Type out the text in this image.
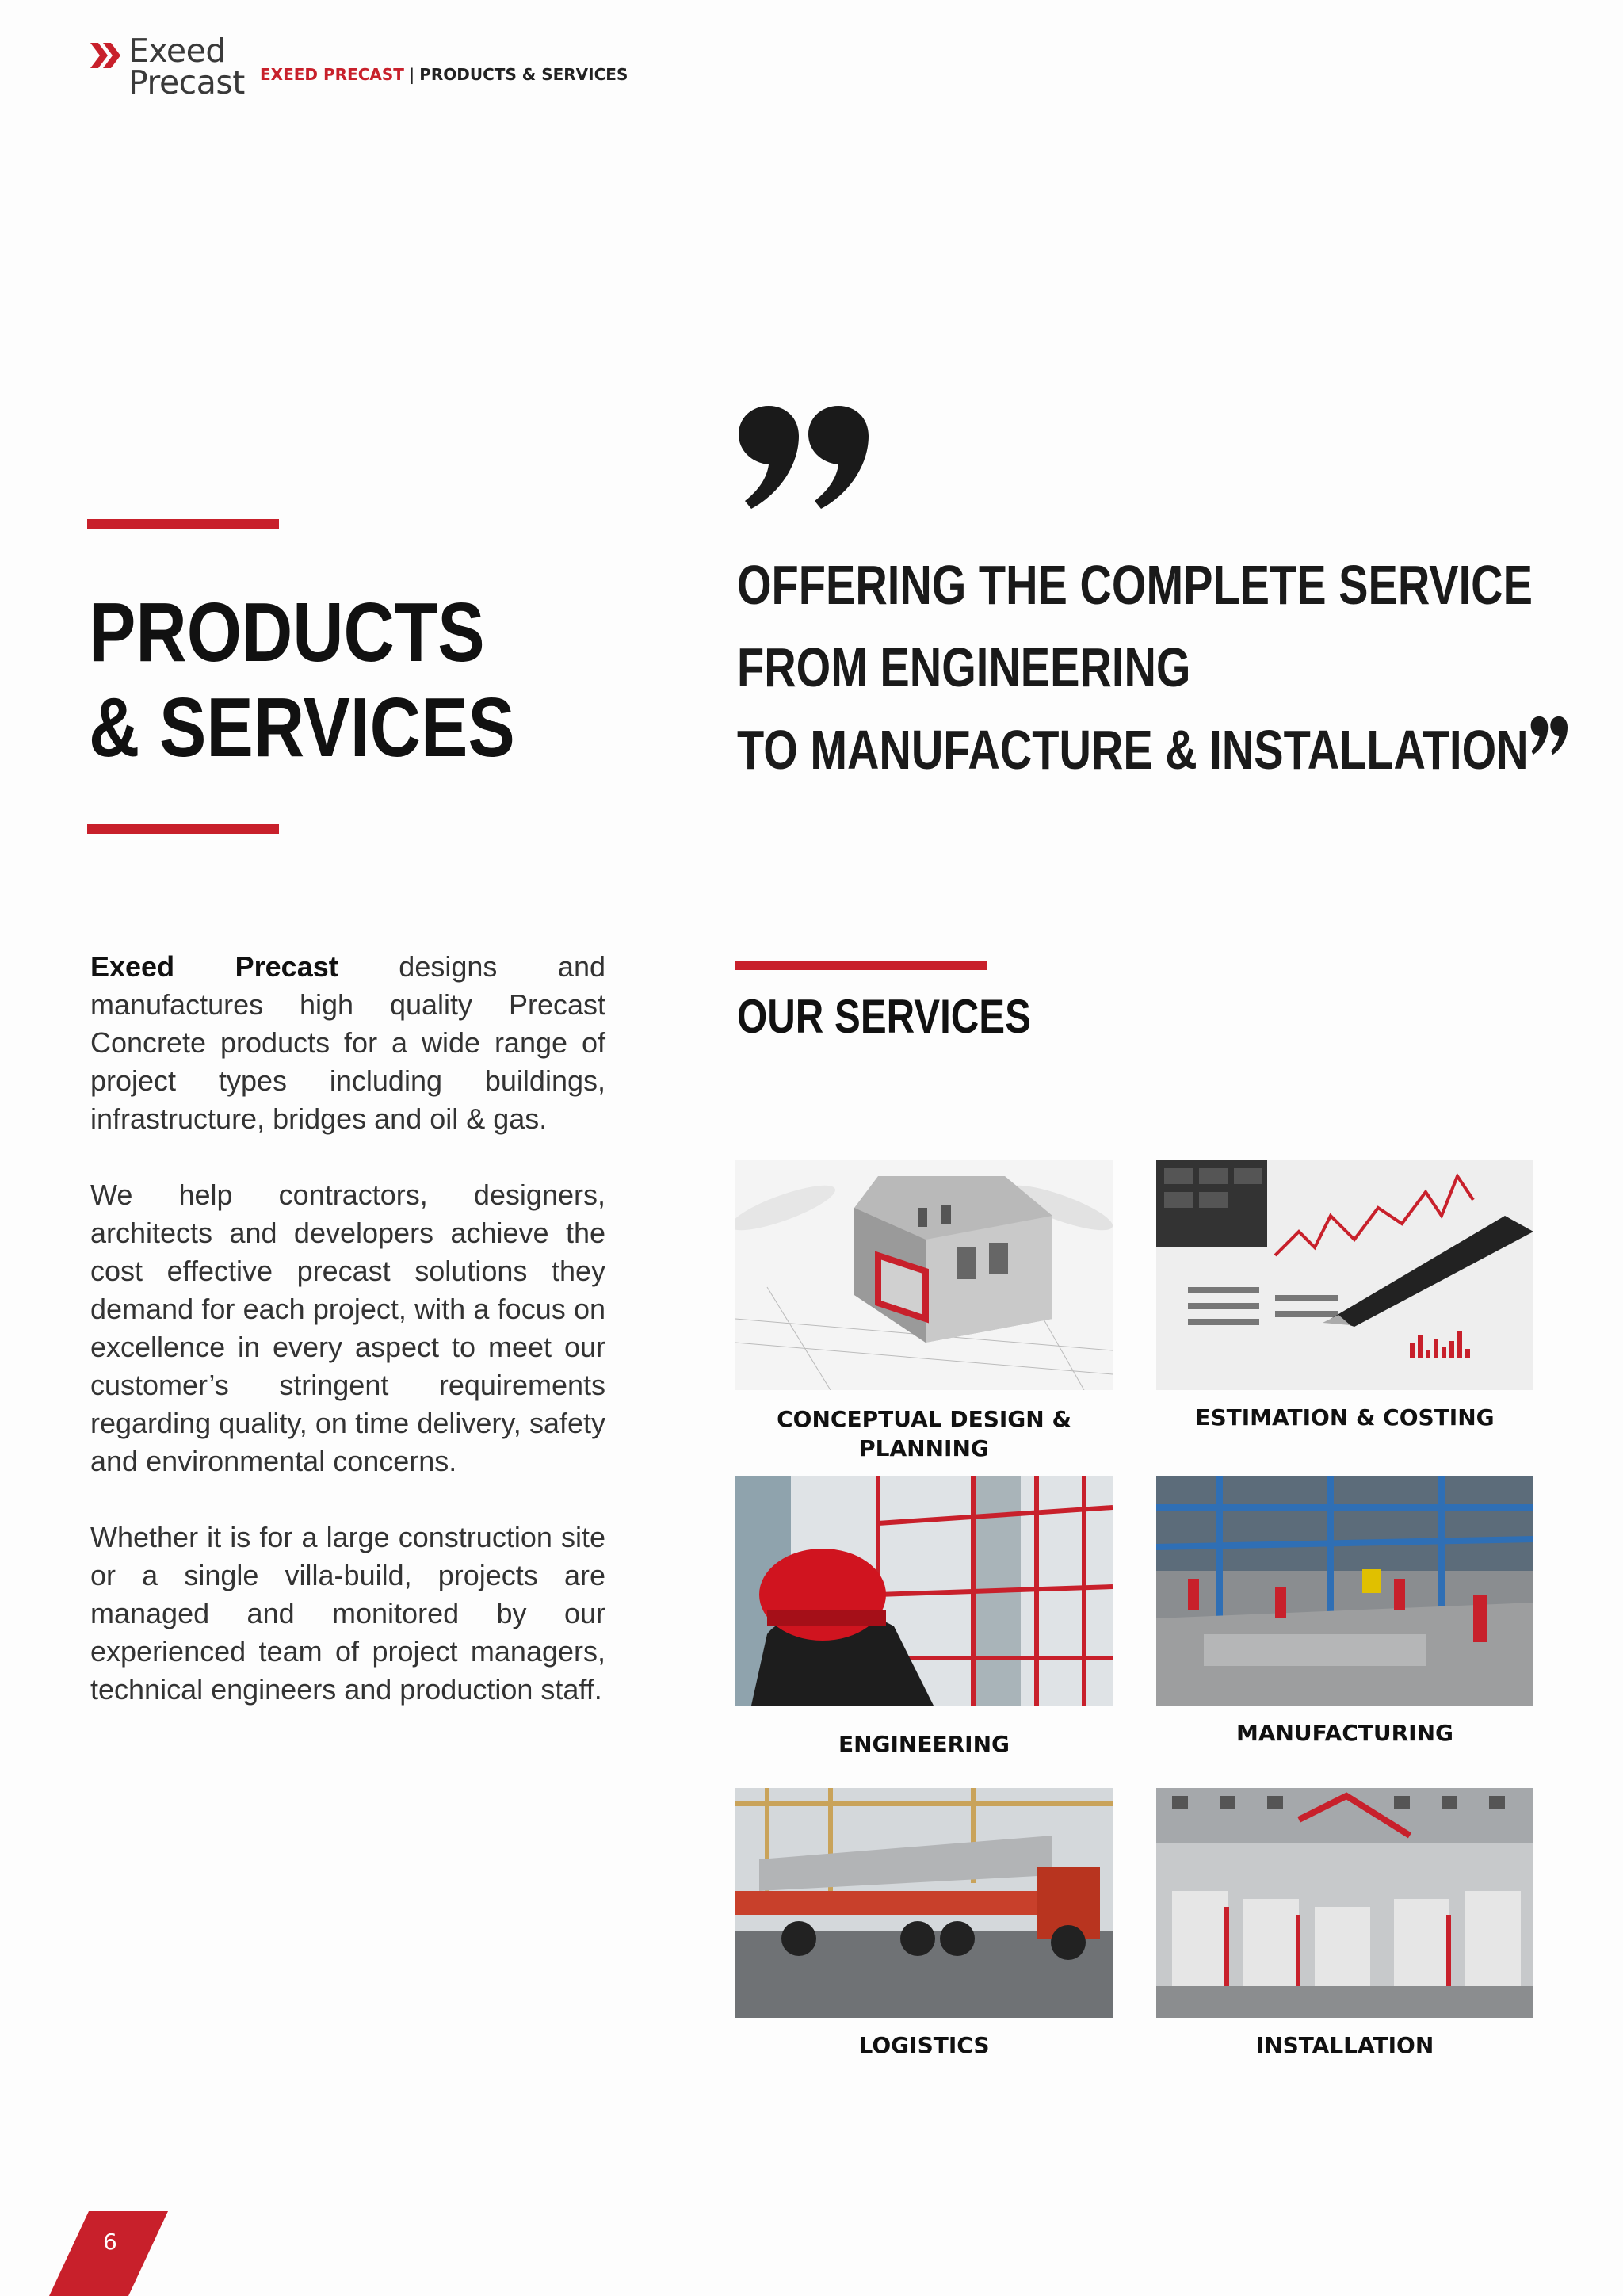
Exeed
Precast EXEED PRECAST | PRODUCTS & SERVICES
PRODUCTS
& SERVICES
OFFERING THE COMPLETE SERVICE
FROM ENGINEERING
TO MANUFACTURE & INSTALLATION

Exeed Precast designs and manufactures high quality Precast Concrete products for a wide range of project types including buildings, infrastructure, bridges and oil & gas.

We help contractors, designers, architects and developers achieve the cost effective precast solutions they demand for each project, with a focus on excellence in every aspect to meet our customer’s stringent requirements regarding quality, on time delivery, safety and environmental concerns.

Whether it is for a large construction site or a single villa-build, projects are managed and monitored by our experienced team of project managers, technical engineers and production staff.

OUR SERVICES
CONCEPTUAL DESIGN &
PLANNING
ESTIMATION & COSTING
ENGINEERING	MANUFACTURING
LOGISTICS	INSTALLATION
6
